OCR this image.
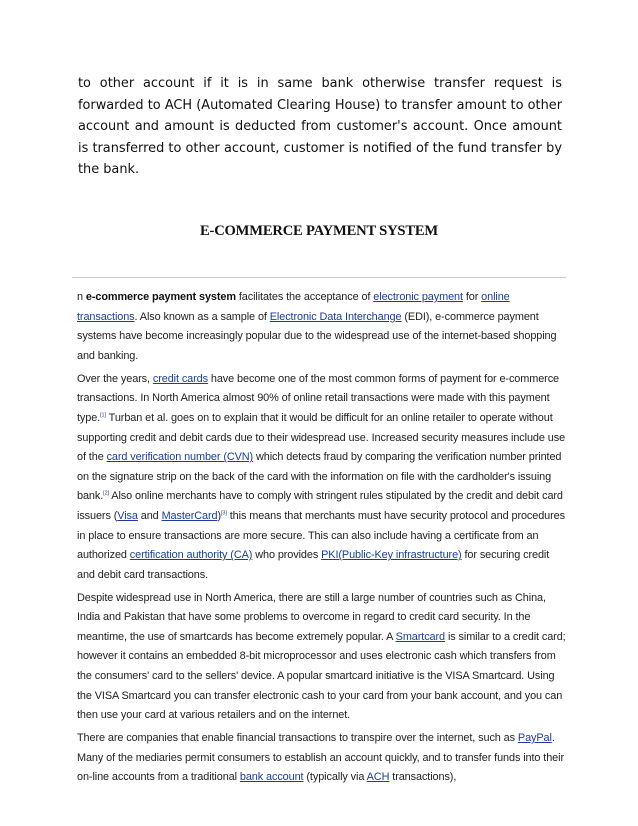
to other account if it is in same bank otherwise transfer request is forwarded to ACH (Automated Clearing House) to transfer amount to other account and amount is deducted from customer's account. Once amount is transferred to other account, customer is notified of the fund transfer by the bank.

E-COMMERCE PAYMENT SYSTEM

n e-commerce payment system facilitates the acceptance of electronic payment for online transactions. Also known as a sample of Electronic Data Interchange (EDI), e-commerce payment systems have become increasingly popular due to the widespread use of the internet-based shopping and banking.

Over the years, credit cards have become one of the most common forms of payment for e-commerce transactions. In North America almost 90% of online retail transactions were made with this payment type.[1] Turban et al. goes on to explain that it would be difficult for an online retailer to operate without supporting credit and debit cards due to their widespread use. Increased security measures include use of the card verification number (CVN) which detects fraud by comparing the verification number printed on the signature strip on the back of the card with the information on file with the cardholder's issuing bank.[2] Also online merchants have to comply with stringent rules stipulated by the credit and debit card issuers (Visa and MasterCard)[3] this means that merchants must have security protocol and procedures in place to ensure transactions are more secure. This can also include having a certificate from an authorized certification authority (CA) who provides PKI(Public-Key infrastructure) for securing credit and debit card transactions.

Despite widespread use in North America, there are still a large number of countries such as China, India and Pakistan that have some problems to overcome in regard to credit card security. In the meantime, the use of smartcards has become extremely popular. A Smartcard is similar to a credit card; however it contains an embedded 8-bit microprocessor and uses electronic cash which transfers from the consumers' card to the sellers' device. A popular smartcard initiative is the VISA Smartcard. Using the VISA Smartcard you can transfer electronic cash to your card from your bank account, and you can then use your card at various retailers and on the internet.

There are companies that enable financial transactions to transpire over the internet, such as PayPal. Many of the mediaries permit consumers to establish an account quickly, and to transfer funds into their on-line accounts from a traditional bank account (typically via ACH transactions),
